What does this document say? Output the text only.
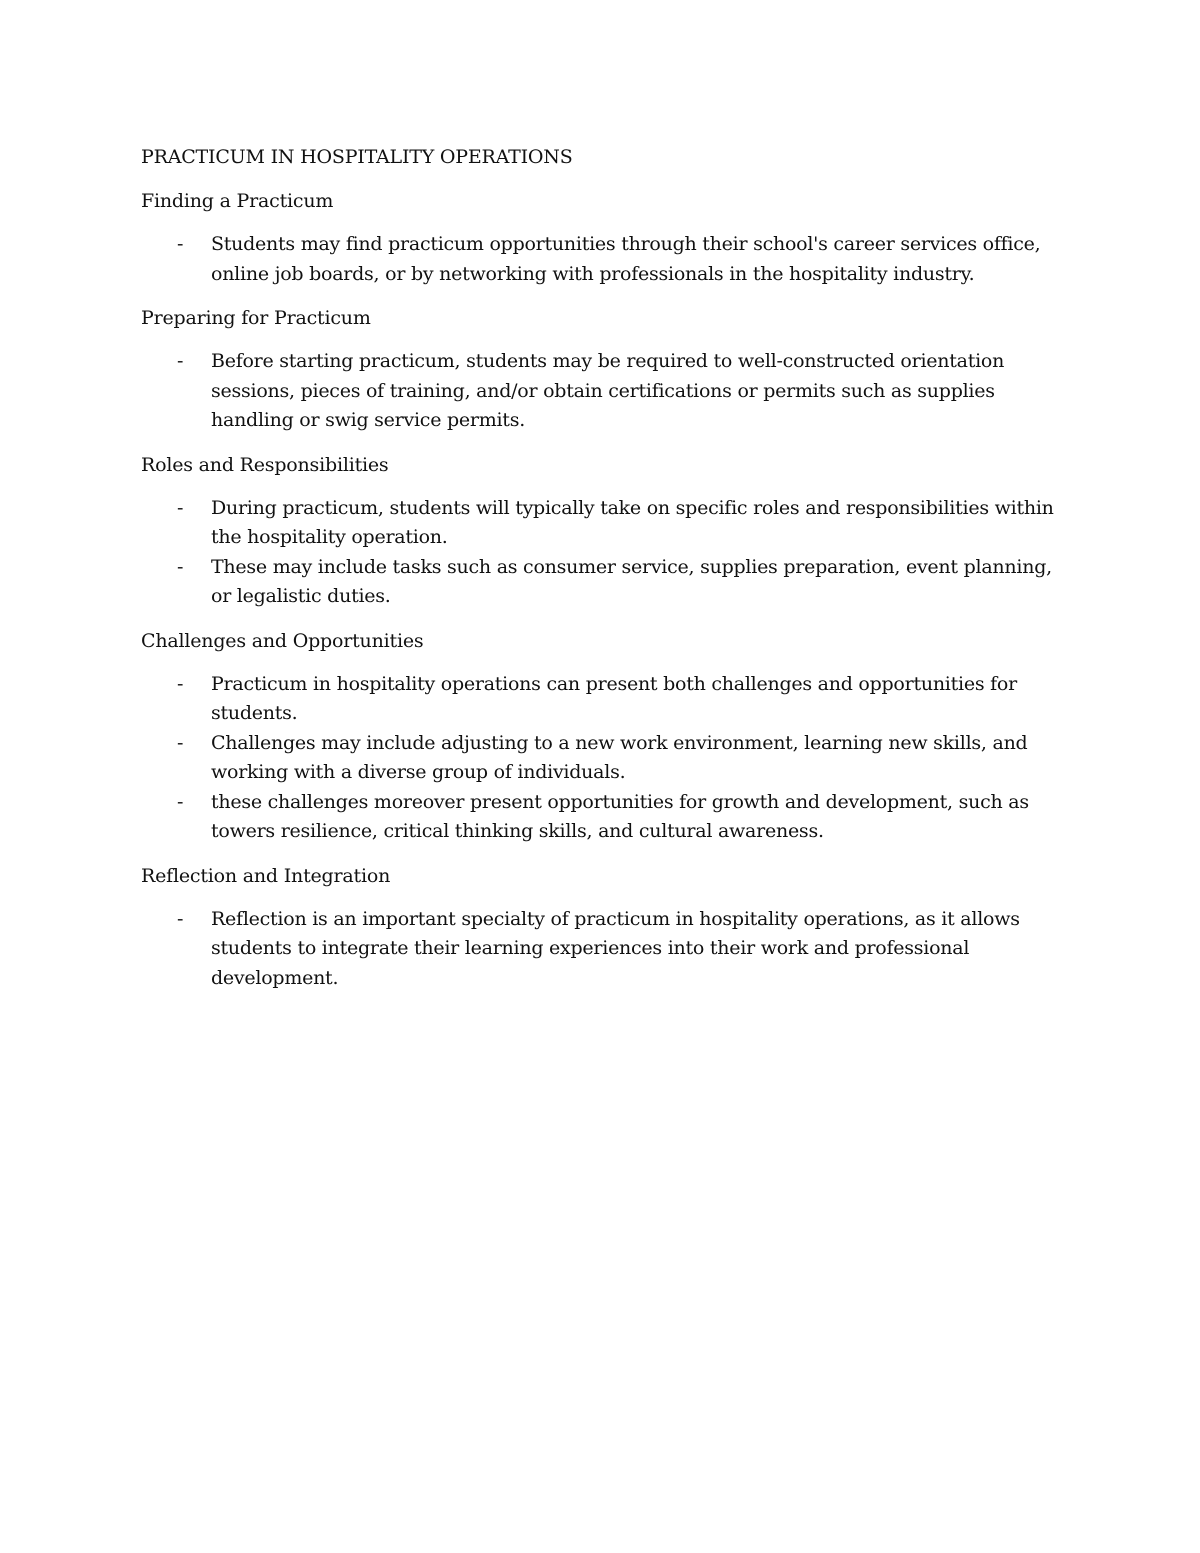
PRACTICUM IN HOSPITALITY OPERATIONS
Finding a Practicum
- Students may find practicum opportunities through their school's career services office, online job boards, or by networking with professionals in the hospitality industry.
Preparing for Practicum
- Before starting practicum, students may be required to well-constructed orientation sessions, pieces of training, and/or obtain certifications or permits such as supplies handling or swig service permits.
Roles and Responsibilities
- During practicum, students will typically take on specific roles and responsibilities within the hospitality operation.
- These may include tasks such as consumer service, supplies preparation, event planning, or legalistic duties.
Challenges and Opportunities
- Practicum in hospitality operations can present both challenges and opportunities for students.
- Challenges may include adjusting to a new work environment, learning new skills, and working with a diverse group of individuals.
- these challenges moreover present opportunities for growth and development, such as towers resilience, critical thinking skills, and cultural awareness.
Reflection and Integration
- Reflection is an important specialty of practicum in hospitality operations, as it allows students to integrate their learning experiences into their work and professional development.
